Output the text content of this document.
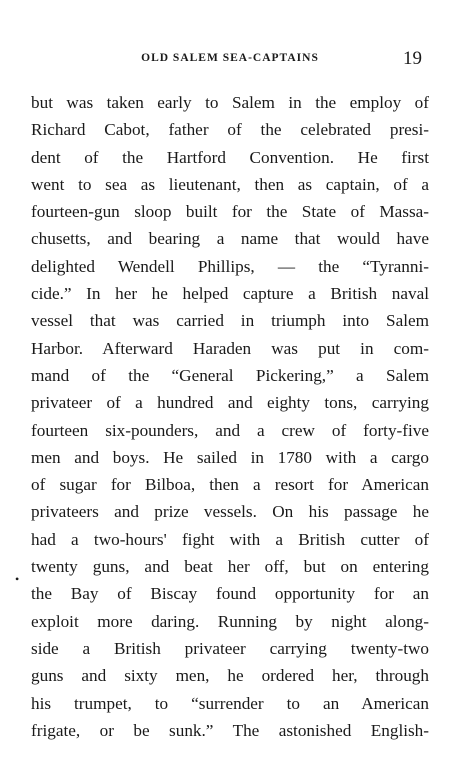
OLD SALEM SEA-CAPTAINS	19
•
but was taken early to Salem in the employ of
Richard Cabot, father of the celebrated presi-
dent of the Hartford Convention. He first
went to sea as lieutenant, then as captain, of a
fourteen-gun sloop built for the State of Massa-
chusetts, and bearing a name that would have
delighted Wendell Phillips, — the “Tyranni-
cide.” In her he helped capture a British naval
vessel that was carried in triumph into Salem
Harbor. Afterward Haraden was put in com-
mand of the “General Pickering,” a Salem
privateer of a hundred and eighty tons, carrying
fourteen six-pounders, and a crew of forty-five
men and boys. He sailed in 1780 with a cargo
of sugar for Bilboa, then a resort for American
privateers and prize vessels. On his passage he
had a two-hours' fight with a British cutter of
twenty guns, and beat her off, but on entering
the Bay of Biscay found opportunity for an
exploit more daring. Running by night along-
side a British privateer carrying twenty-two
guns and sixty men, he ordered her, through
his trumpet, to “surrender to an American
frigate, or be sunk.” The astonished English-
